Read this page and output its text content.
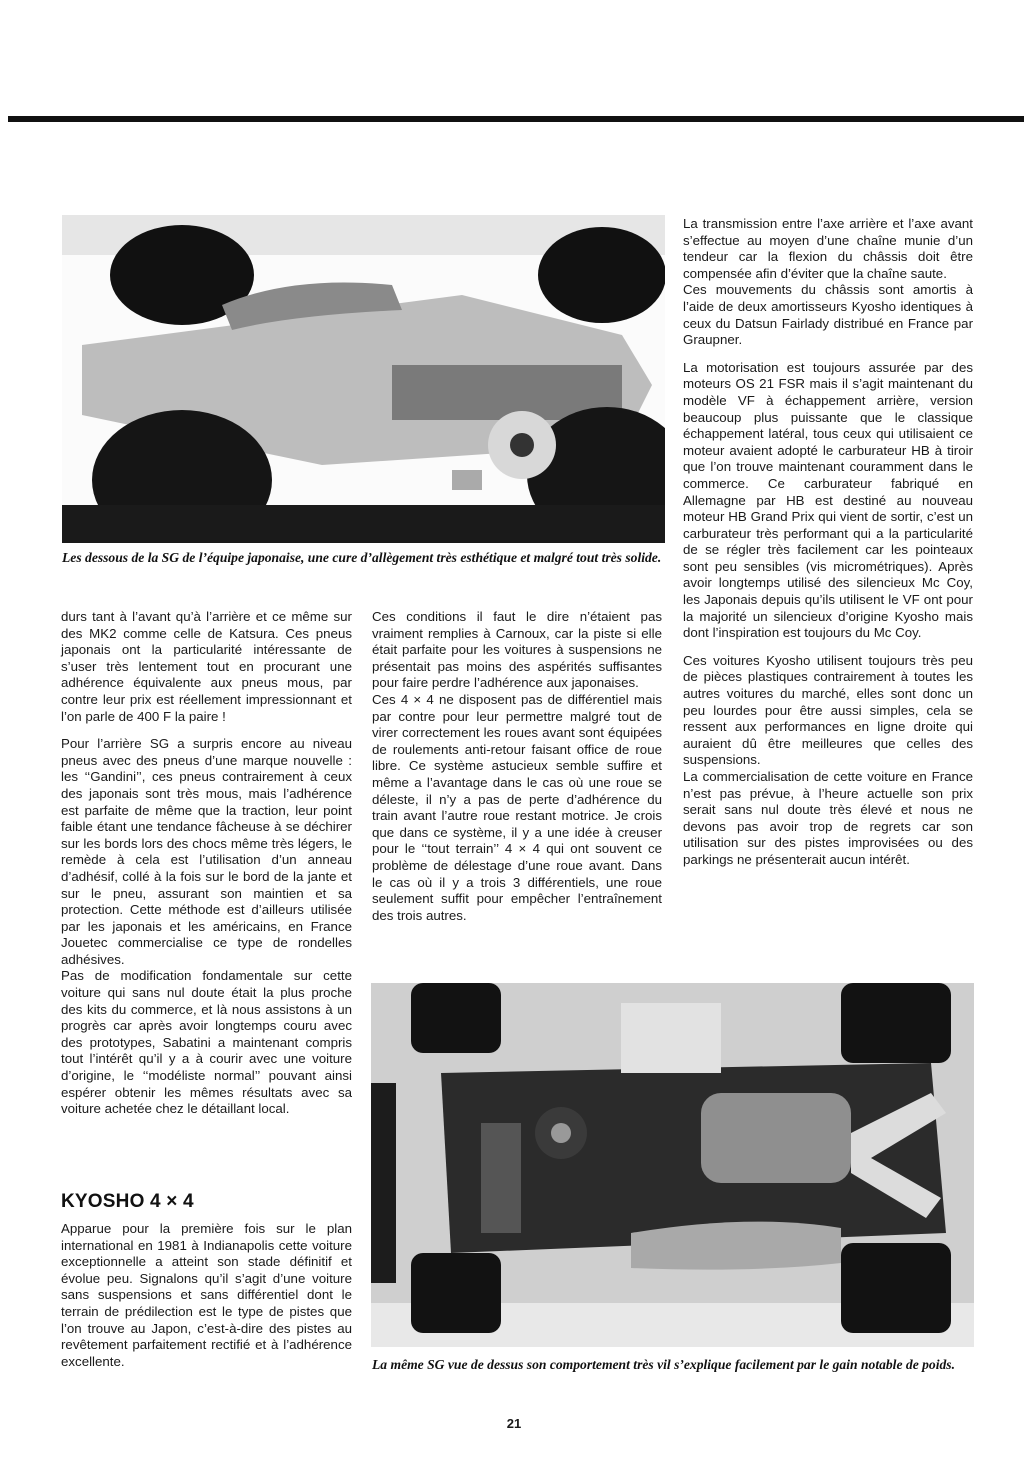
Les dessous de la SG de l’équipe japonaise, une cure d’allègement très esthétique et malgré tout très solide.

La transmission entre l’axe arrière et l’axe avant s’effectue au moyen d’une chaîne munie d’un tendeur car la flexion du châssis doit être compensée afin d’éviter que la chaîne saute.

Ces mouvements du châssis sont amortis à l’aide de deux amortisseurs Kyosho identiques à ceux du Datsun Fairlady distribué en France par Graupner.

La motorisation est toujours assurée par des moteurs OS 21 FSR mais il s’agit maintenant du modèle VF à échappement arrière, version beaucoup plus puissante que le classique échappement latéral, tous ceux qui utilisaient ce moteur avaient adopté le carburateur HB à tiroir que l’on trouve maintenant couramment dans le commerce. Ce carburateur fabriqué en Allemagne par HB est destiné au nouveau moteur HB Grand Prix qui vient de sortir, c’est un carburateur très performant qui a la particularité de se régler très facilement car les pointeaux sont peu sensibles (vis micrométriques). Après avoir longtemps utilisé des silencieux Mc Coy, les Japonais depuis qu’ils utilisent le VF ont pour la majorité un silencieux d’origine Kyosho mais dont l’inspiration est toujours du Mc Coy.

Ces voitures Kyosho utilisent toujours très peu de pièces plastiques contrairement à toutes les autres voitures du marché, elles sont donc un peu lourdes pour être aussi simples, cela se ressent aux performances en ligne droite qui auraient dû être meilleures que celles des suspensions.

La commercialisation de cette voiture en France n’est pas prévue, à l’heure actuelle son prix serait sans nul doute très élevé et nous ne devons pas avoir trop de regrets car son utilisation sur des pistes improvisées ou des parkings ne présenterait aucun intérêt.

durs tant à l’avant qu’à l’arrière et ce même sur des MK2 comme celle de Katsura. Ces pneus japonais ont la particularité intéressante de s’user très lentement tout en procurant une adhérence équivalente aux pneus mous, par contre leur prix est réellement impressionnant et l’on parle de 400 F la paire !

Pour l’arrière SG a surpris encore au niveau pneus avec des pneus d’une marque nouvelle : les ‘‘Gandini’’, ces pneus contrairement à ceux des japonais sont très mous, mais l’adhérence est parfaite de même que la traction, leur point faible étant une tendance fâcheuse à se déchirer sur les bords lors des chocs même très légers, le remède à cela est l’utilisation d’un anneau d’adhésif, collé à la fois sur le bord de la jante et sur le pneu, assurant son maintien et sa protection. Cette méthode est d’ailleurs utilisée par les japonais et les américains, en France Jouetec commercialise ce type de rondelles adhésives.

Pas de modification fondamentale sur cette voiture qui sans nul doute était la plus proche des kits du commerce, et là nous assistons à un progrès car après avoir longtemps couru avec des prototypes, Sabatini a maintenant compris tout l’intérêt qu’il y a à courir avec une voiture d’origine, le ‘‘modéliste normal’’ pouvant ainsi espérer obtenir les mêmes résultats avec sa voiture achetée chez le détaillant local.

KYOSHO 4 × 4

Apparue pour la première fois sur le plan international en 1981 à Indianapolis cette voiture exceptionnelle a atteint son stade définitif et évolue peu. Signalons qu’il s’agit d’une voiture sans suspensions et sans différentiel dont le terrain de prédilection est le type de pistes que l’on trouve au Japon, c’est-à-dire des pistes au revêtement parfaitement rectifié et à l’adhérence excellente.

Ces conditions il faut le dire n’étaient pas vraiment remplies à Carnoux, car la piste si elle était parfaite pour les voitures à suspensions ne présentait pas moins des aspérités suffisantes pour faire perdre l’adhérence aux japonaises.

Ces 4 × 4 ne disposent pas de différentiel mais par contre pour leur permettre malgré tout de virer correctement les roues avant sont équipées de roulements anti-retour faisant office de roue libre. Ce système astucieux semble suffire et même a l’avantage dans le cas où une roue se déleste, il n’y a pas de perte d’adhérence du train avant l’autre roue restant motrice. Je crois que dans ce système, il y a une idée à creuser pour le ‘‘tout terrain’’ 4 × 4 qui ont souvent ce problème de délestage d’une roue avant. Dans le cas où il y a trois 3 différentiels, une roue seulement suffit pour empêcher l’entraînement des trois autres.

La même SG vue de dessus son comportement très vil s’explique facilement par le gain notable de poids.
21
